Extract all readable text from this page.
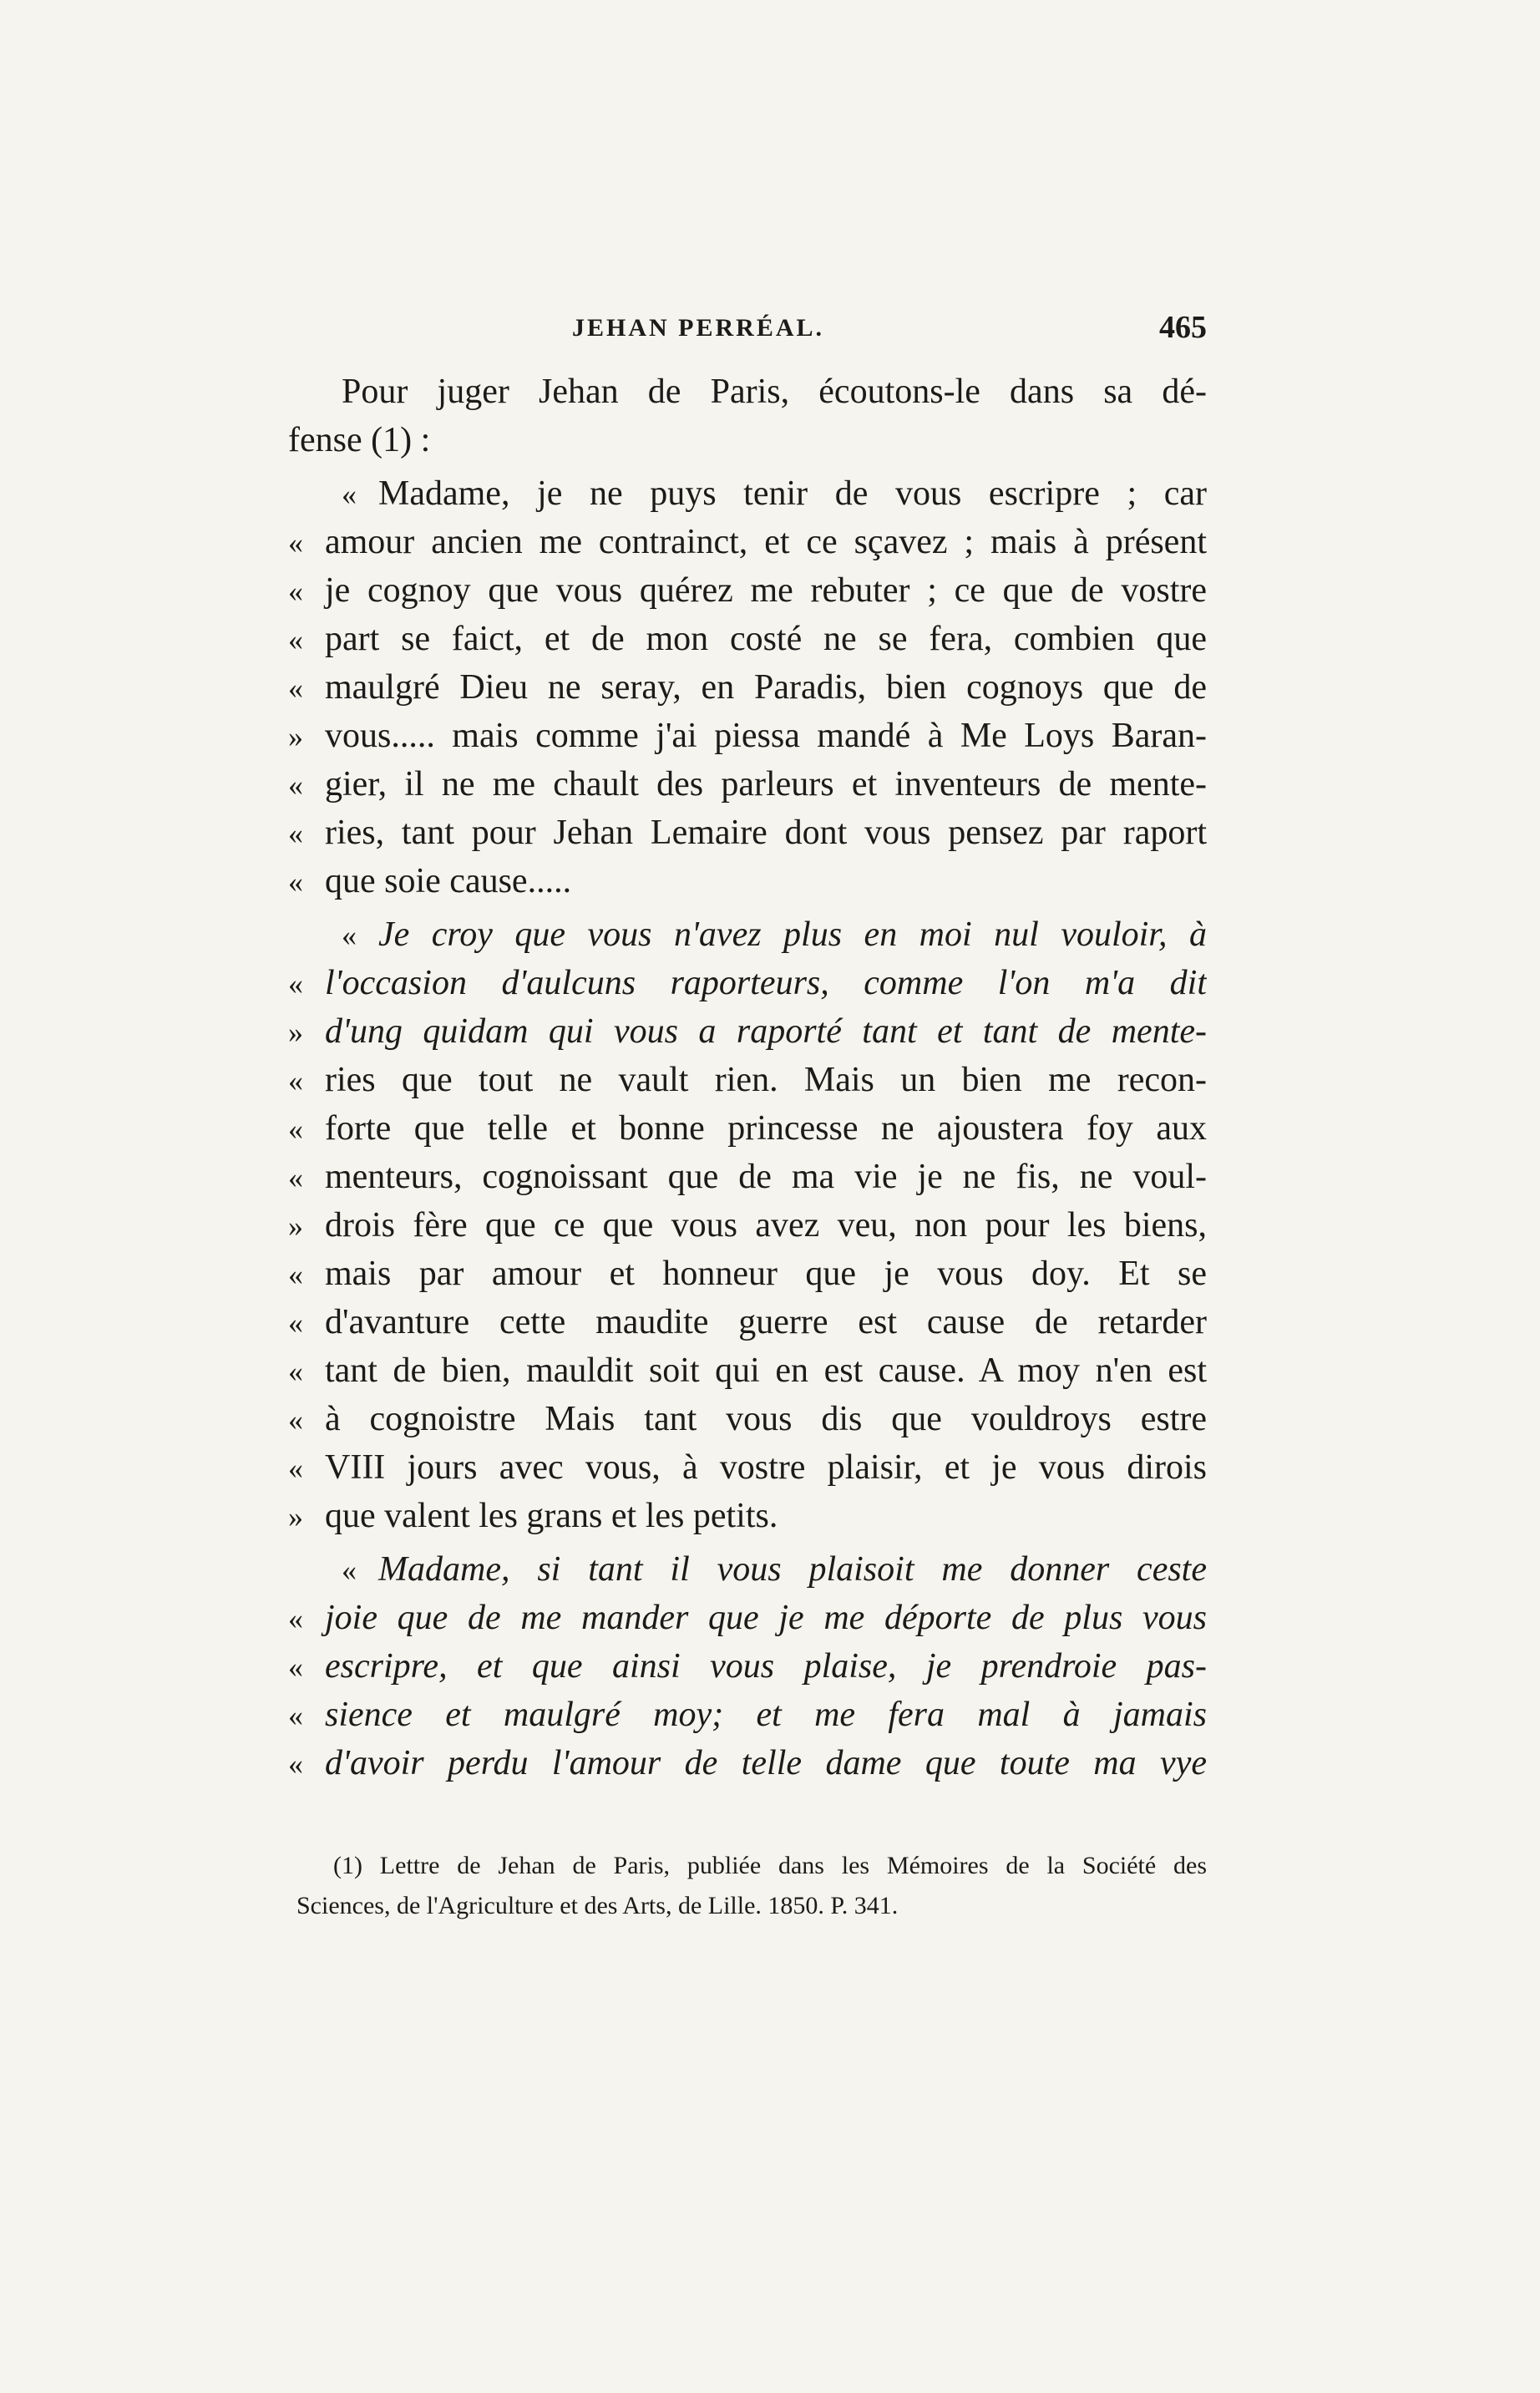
JEHAN PERRÉAL.	465
Pour juger Jehan de Paris, écoutons-le dans sa dé-
fense (1) :
« Madame, je ne puys tenir de vous escripre ; car
« amour ancien me contrainct, et ce sçavez ; mais à présent
« je cognoy que vous quérez me rebuter ; ce que de vostre
« part se faict, et de mon costé ne se fera, combien que
« maulgré Dieu ne seray, en Paradis, bien cognoys que de
» vous..... mais comme j'ai piessa mandé à Me Loys Baran-
« gier, il ne me chault des parleurs et inventeurs de mente-
« ries, tant pour Jehan Lemaire dont vous pensez par raport
« que soie cause.....
« Je croy que vous n'avez plus en moi nul vouloir, à
« l'occasion d'aulcuns raporteurs, comme l'on m'a dit
» d'ung quidam qui vous a raporté tant et tant de mente-
« ries que tout ne vault rien. Mais un bien me recon-
« forte que telle et bonne princesse ne ajoustera foy aux
« menteurs, cognoissant que de ma vie je ne fis, ne voul-
» drois fère que ce que vous avez veu, non pour les biens,
« mais par amour et honneur que je vous doy. Et se
« d'avanture cette maudite guerre est cause de retarder
« tant de bien, mauldit soit qui en est cause. A moy n'en est
« à cognoistre Mais tant vous dis que vouldroys estre
« VIII jours avec vous, à vostre plaisir, et je vous dirois
» que valent les grans et les petits.
« Madame, si tant il vous plaisoit me donner ceste
« joie que de me mander que je me déporte de plus vous
« escripre, et que ainsi vous plaise, je prendroie pas-
« sience et maulgré moy; et me fera mal à jamais
« d'avoir perdu l'amour de telle dame que toute ma vye
(1) Lettre de Jehan de Paris, publiée dans les Mémoires de la Société des
Sciences, de l'Agriculture et des Arts, de Lille. 1850. P. 341.
